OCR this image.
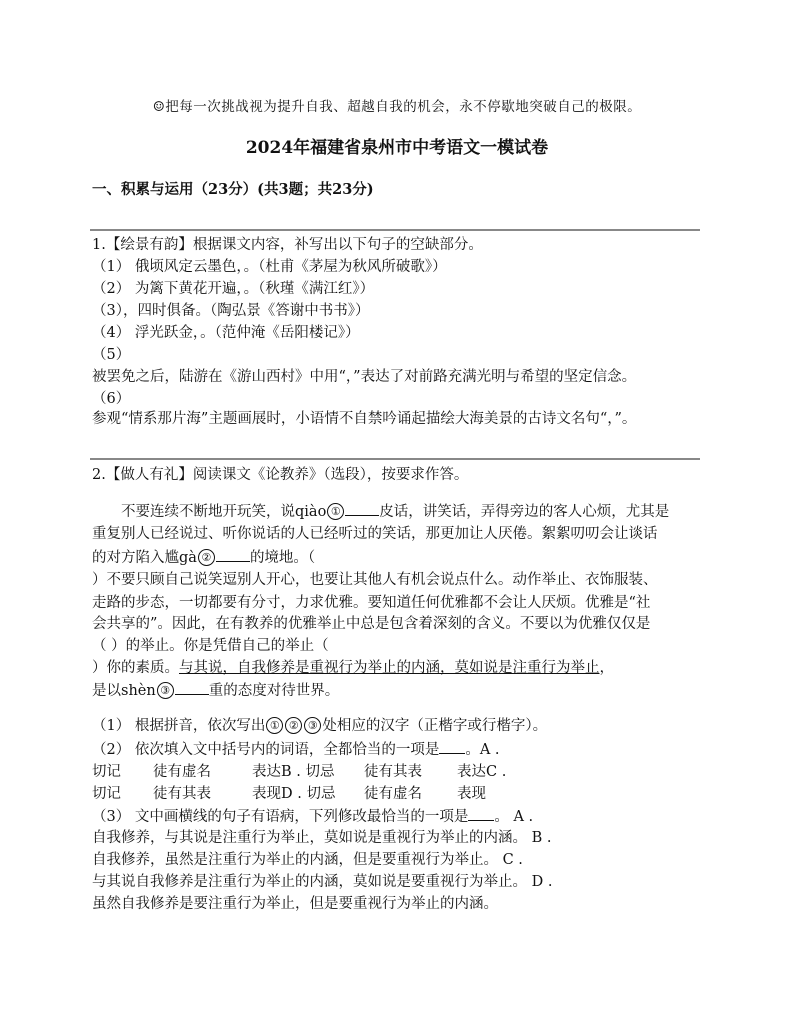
☺把每一次挑战视为提升自我、超越自我的机会，永不停歇地突破自己的极限。
2024年福建省泉州市中考语文一模试卷
一、积累与运用（23分）(共3题；共23分)
1.【绘景有韵】根据课文内容，补写出以下句子的空缺部分。
（1） 俄顷风定云墨色，。（杜甫《茅屋为秋风所破歌》）
（2） 为篱下黄花开遍，。（秋瑾《满江红》）
（3），四时俱备。（陶弘景《答谢中书书》）
（4） 浮光跃金，。（范仲淹《岳阳楼记》）
（5）
被罢免之后，陆游在《游山西村》中用“，”表达了对前路充满光明与希望的坚定信念。
（6）
参观“情系那片海”主题画展时，小语情不自禁吟诵起描绘大海美景的古诗文名句“，”。
2.【做人有礼】阅读课文《论教养》（选段），按要求作答。
不要连续不断地开玩笑，说qiào ①	皮话，讲笑话，弄得旁边的客人心烦，尤其是
重复别人已经说过、听你说话的人已经听过的笑话，那更加让人厌倦。絮絮叨叨会让谈话
的对方陷入尴gà ②	的境地。（
）不要只顾自己说笑逗别人开心，也要让其他人有机会说点什么。动作举止、衣饰服装、
走路的步态，一切都要有分寸，力求优雅。要知道任何优雅都不会让人厌烦。优雅是“社
会共享的”。因此，在有教养的优雅举止中总是包含着深刻的含义。不要以为优雅仅仅是
（ ）的举止。你是凭借自己的举止（
）你的素质。与其说，自我修养是重视行为举止的内涵，莫如说是注重行为举止，
是以shèn ③	重的态度对待世界。
（1） 根据拼音，依次写出 ① ② ③ 处相应的汉字（正楷字或行楷字）。
（2） 依次填入文中括号内的词语，全都恰当的一项是 。A .
切记 徒有虚名	表达B . 切忌 徒有其表 表达C .
切记 徒有其表	表现D . 切忌 徒有虚名 表现
（3） 文中画横线的句子有语病，下列修改最恰当的一项是 。 A .
自我修养，与其说是注重行为举止，莫如说是重视行为举止的内涵。 B .
自我修养，虽然是注重行为举止的内涵，但是要重视行为举止。 C .
与其说自我修养是注重行为举止的内涵，莫如说是要重视行为举止。 D .
虽然自我修养是要注重行为举止，但是要重视行为举止的内涵。
